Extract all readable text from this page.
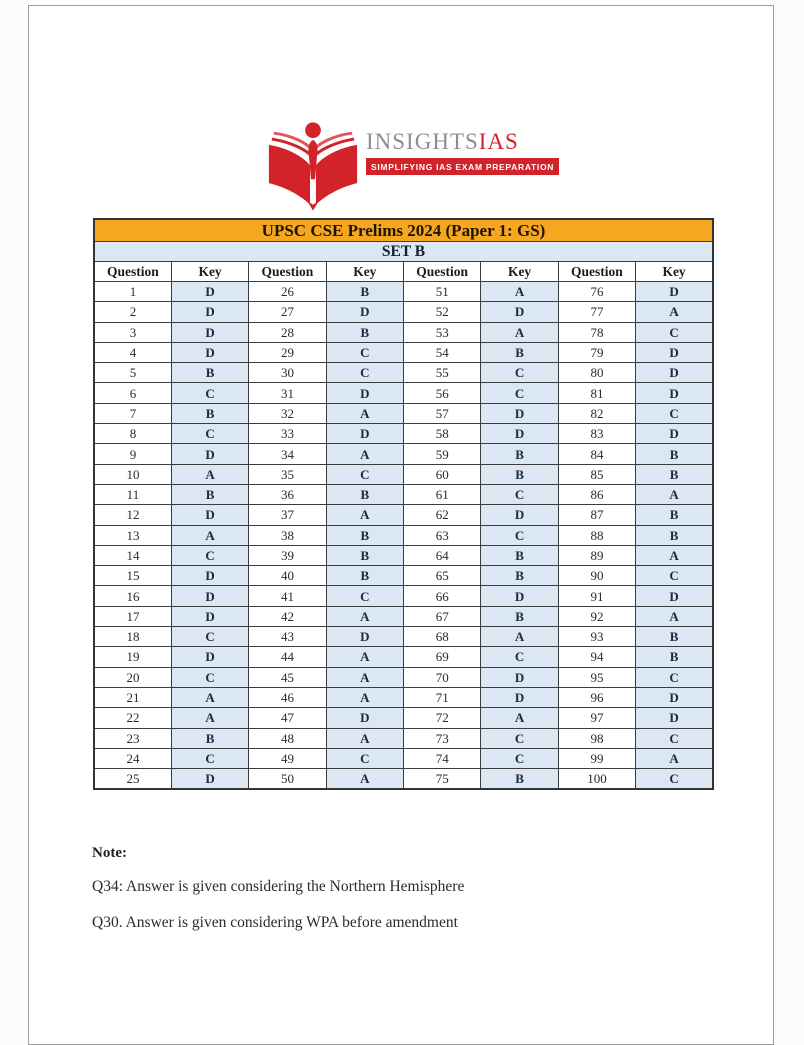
INSIGHTSIAS
SIMPLIFYING IAS EXAM PREPARATION
UPSC CSE Prelims 2024 (Paper 1: GS)							
SET B							
Question	Key	Question	Key	Question	Key	Question	Key
1	D	26	B	51	A	76	D
2	D	27	D	52	D	77	A
3	D	28	B	53	A	78	C
4	D	29	C	54	B	79	D
5	B	30	C	55	C	80	D
6	C	31	D	56	C	81	D
7	B	32	A	57	D	82	C
8	C	33	D	58	D	83	D
9	D	34	A	59	B	84	B
10	A	35	C	60	B	85	B
11	B	36	B	61	C	86	A
12	D	37	A	62	D	87	B
13	A	38	B	63	C	88	B
14	C	39	B	64	B	89	A
15	D	40	B	65	B	90	C
16	D	41	C	66	D	91	D
17	D	42	A	67	B	92	A
18	C	43	D	68	A	93	B
19	D	44	A	69	C	94	B
20	C	45	A	70	D	95	C
21	A	46	A	71	D	96	D
22	A	47	D	72	A	97	D
23	B	48	A	73	C	98	C
24	C	49	C	74	C	99	A
25	D	50	A	75	B	100	C

Note:

Q34: Answer is given considering the Northern Hemisphere

Q30. Answer is given considering WPA before amendment
